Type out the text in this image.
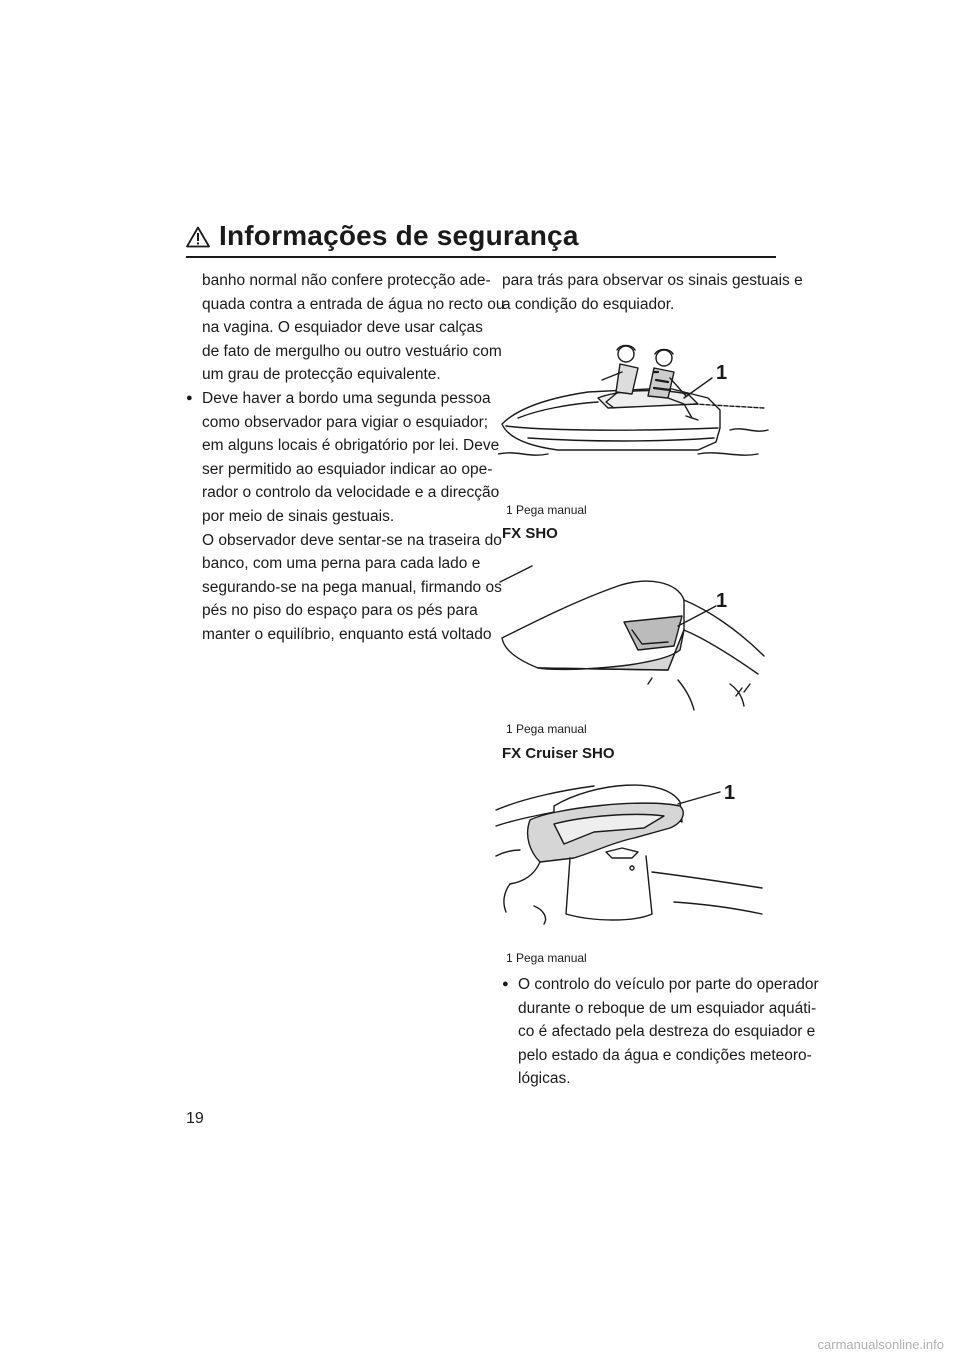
Informações de segurança
banho normal não confere protecção ade-
quada contra a entrada de água no recto ou
na vagina. O esquiador deve usar calças
de fato de mergulho ou outro vestuário com
um grau de protecção equivalente.
● Deve haver a bordo uma segunda pessoa
como observador para vigiar o esquiador;
em alguns locais é obrigatório por lei. Deve
ser permitido ao esquiador indicar ao ope-
rador o controlo da velocidade e a direcção
por meio de sinais gestuais.
O observador deve sentar-se na traseira do
banco, com uma perna para cada lado e
segurando-se na pega manual, firmando os
pés no piso do espaço para os pés para
manter o equilíbrio, enquanto está voltado
para trás para observar os sinais gestuais e
a condição do esquiador.
1
1 Pega manual
FX SHO
1
1 Pega manual
FX Cruiser SHO
1
1 Pega manual
● O controlo do veículo por parte do operador
durante o reboque de um esquiador aquáti-
co é afectado pela destreza do esquiador e
pelo estado da água e condições meteoro-
lógicas.
19
carmanualsonline.info
